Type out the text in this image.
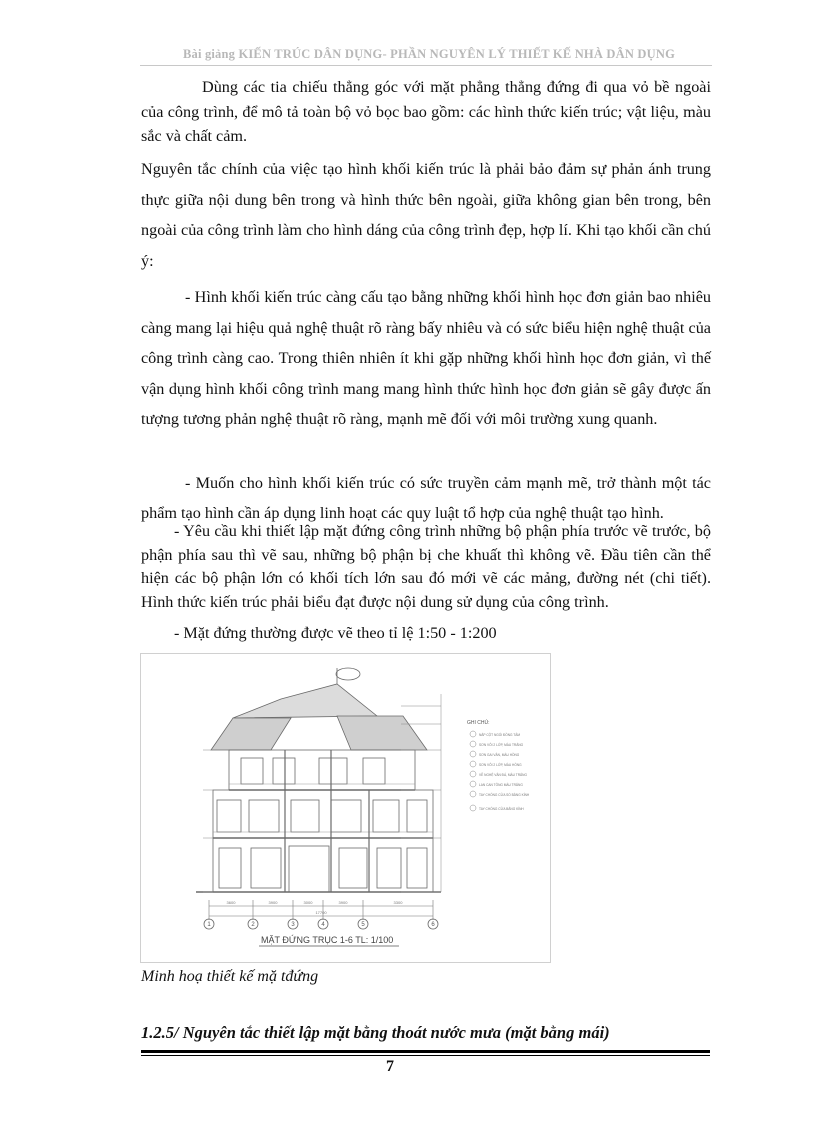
Bài giảng KIẾN TRÚC DÂN DỤNG- PHẦN NGUYÊN LÝ THIẾT KẾ NHÀ DÂN DỤNG

Dùng các tia chiếu thẳng góc với mặt phẳng thẳng đứng đi qua vỏ bề ngoài của công trình, để mô tả toàn bộ vỏ bọc bao gồm: các hình thức kiến trúc; vật liệu, màu sắc và chất cảm.

Nguyên tắc chính của việc tạo hình khối kiến trúc là phải bảo đảm sự phản ánh trung thực giữa nội dung bên trong và hình thức bên ngoài, giữa không gian bên trong, bên ngoài của công trình làm cho hình dáng của công trình đẹp, hợp lí. Khi tạo khối cần chú ý:

- Hình khối kiến trúc càng cấu tạo bằng những khối hình học đơn giản bao nhiêu càng mang lại hiệu quả nghệ thuật rõ ràng bấy nhiêu và có sức biểu hiện nghệ thuật của công trình càng cao. Trong thiên nhiên ít khi gặp những khối hình học đơn giản, vì thế vận dụng hình khối công trình mang mang hình thức hình học đơn giản sẽ gây được ấn tượng tương phản nghệ thuật rõ ràng, mạnh mẽ đối với môi trường xung quanh.

- Muốn cho hình khối kiến trúc có sức truyền cảm mạnh mẽ, trở thành một tác phẩm tạo hình cần áp dụng linh hoạt các quy luật tổ hợp của nghệ thuật tạo hình.

- Yêu cầu khi thiết lập mặt đứng công trình những bộ phận phía trước vẽ trước, bộ phận phía sau thì vẽ sau, những bộ phận bị che khuất thì không vẽ. Đầu tiên cần thể hiện các bộ phận lớn có khối tích lớn sau đó mới vẽ các mảng, đường nét (chi tiết). Hình thức kiến trúc phải biểu đạt được nội dung sử dụng của công trình.

- Mặt đứng thường được vẽ theo tỉ lệ 1:50 - 1:200

1	2	3	4	5	6
3600	3900	3000	3900	3300
17700
GHI CHÚ:
NẮP CỘT NGÓI ĐỒNG TÂM
SƠN VÔI 2 LỚP, MÀU TRẮNG
SƠN GAI VÂN, MÀU HỒNG
SƠN VÔI 2 LỚP, MÀU HỒNG
VỀ NGHỆ VÂN ĐÁ, MÀU TRẮNG
LAN CAN TÔNG MÀU TRẮNG
TAY CHỐNG CỬA SỔ BẰNG KÍNH
TAY CHỐNG CỬA BẰNG KÍNH
MẶT ĐỨNG TRỤC 1-6 TL: 1/100
Minh hoạ thiết kế mặ tđứng
1.2.5/ Nguyên tắc thiết lập mặt bằng thoát nước mưa (mặt bằng mái)
7
